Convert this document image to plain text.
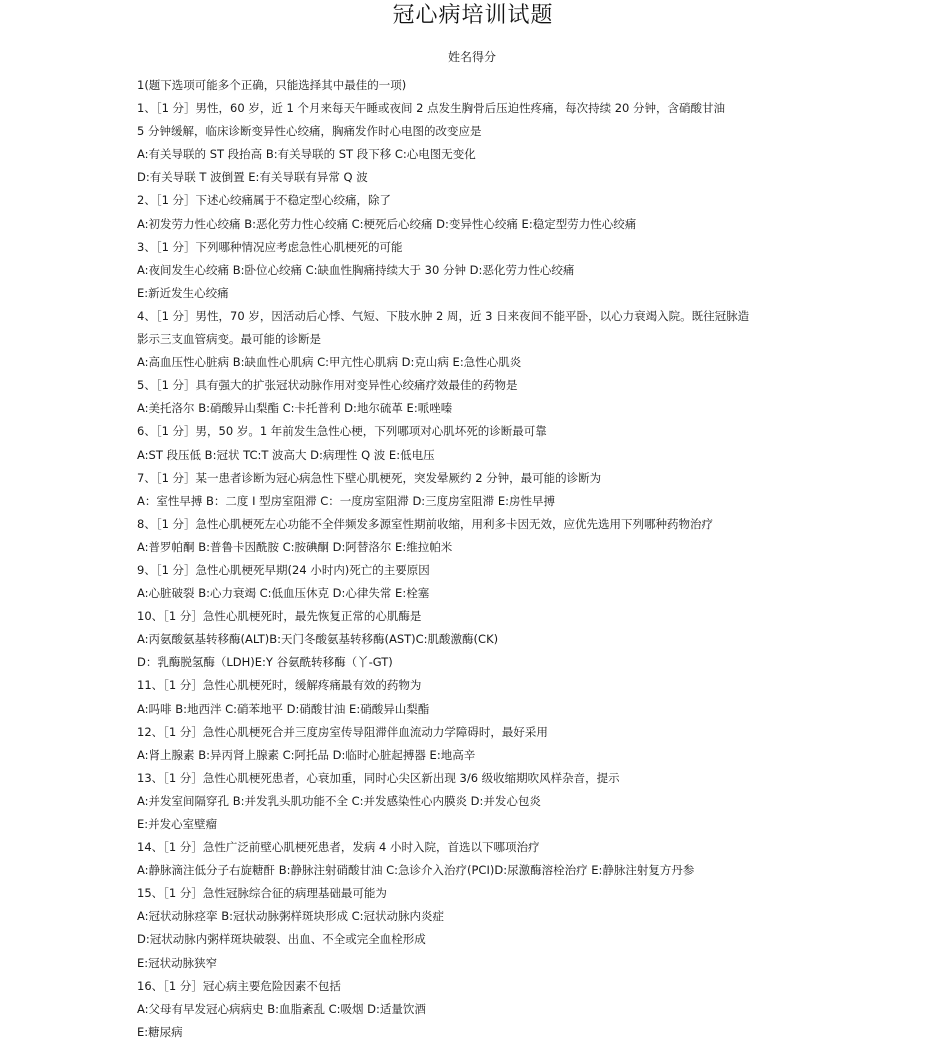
冠心病培训试题
姓名得分
1(题下选项可能多个正确，只能选择其中最佳的一项)
1、［1 分］男性，60 岁，近 1 个月来每天午睡或夜间 2 点发生胸骨后压迫性疼痛，每次持续 20 分钟，含硝酸甘油
5 分钟缓解，临床诊断变异性心绞痛，胸痛发作时心电图的改变应是
A:有关导联的 ST 段抬高 B:有关导联的 ST 段下移 C:心电图无变化
D:有关导联 T 波倒置 E:有关导联有异常 Q 波
2、［1 分］下述心绞痛属于不稳定型心绞痛，除了
A:初发劳力性心绞痛 B:恶化劳力性心绞痛 C:梗死后心绞痛 D:变异性心绞痛 E:稳定型劳力性心绞痛
3、［1 分］下列哪种情况应考虑急性心肌梗死的可能
A:夜间发生心绞痛 B:卧位心绞痛 C:缺血性胸痛持续大于 30 分钟 D:恶化劳力性心绞痛
E:新近发生心绞痛
4、［1 分］男性，70 岁，因活动后心悸、气短、下肢水肿 2 周，近 3 日来夜间不能平卧，以心力衰竭入院。既往冠脉造
影示三支血管病变。最可能的诊断是
A:高血压性心脏病 B:缺血性心肌病 C:甲亢性心肌病 D:克山病 E:急性心肌炎
5、［1 分］具有强大的扩张冠状动脉作用对变异性心绞痛疗效最佳的药物是
A:美托洛尔 B:硝酸异山梨酯 C:卡托普利 D:地尔硫革 E:哌唑嗪
6、［1 分］男，50 岁。1 年前发生急性心梗，下列哪项对心肌坏死的诊断最可靠
A:ST 段压低 B:冠状 TC:T 波高大 D:病理性 Q 波 E:低电压
7、［1 分］某一患者诊断为冠心病急性下壁心肌梗死，突发晕厥约 2 分钟，最可能的诊断为
A：室性早搏 B：二度 I 型房室阻滞 C：一度房室阻滞 D:三度房室阻滞 E:房性早搏
8、［1 分］急性心肌梗死左心功能不全伴频发多源室性期前收缩，用利多卡因无效，应优先选用下列哪种药物治疗
A:普罗帕酮 B:普鲁卡因酰胺 C:胺碘酮 D:阿替洛尔 E:维拉帕米
9、［1 分］急性心肌梗死早期(24 小时内)死亡的主要原因
A:心脏破裂 B:心力衰竭 C:低血压休克 D:心律失常 E:栓塞
10、［1 分］急性心肌梗死时，最先恢复正常的心肌酶是
A:丙氨酸氨基转移酶(ALT)B:天门冬酸氨基转移酶(AST)C:肌酸激酶(CK)
D：乳酶脱氢酶（LDH)E:Y 谷氨酰转移酶（丫-GT)
11、［1 分］急性心肌梗死时，缓解疼痛最有效的药物为
A:吗啡 B:地西泮 C:硝苯地平 D:硝酸甘油 E:硝酸异山梨酯
12、［1 分］急性心肌梗死合并三度房室传导阻滞伴血流动力学障碍时，最好采用
A:肾上腺素 B:异丙肾上腺素 C:阿托品 D:临时心脏起搏器 E:地高辛
13、［1 分］急性心肌梗死患者，心衰加重，同时心尖区新出现 3/6 级收缩期吹风样杂音，提示
A:并发室间隔穿孔 B:并发乳头肌功能不全 C:并发感染性心内膜炎 D:并发心包炎
E:并发心室壁瘤
14、［1 分］急性广泛前壁心肌梗死患者，发病 4 小时入院，首选以下哪项治疗
A:静脉滴注低分子右旋糖酐 B:静脉注射硝酸甘油 C:急诊介入治疗(PCI)D:尿激酶溶栓治疗 E:静脉注射复方丹参
15、［1 分］急性冠脉综合征的病理基础最可能为
A:冠状动脉痉挛 B:冠状动脉粥样斑块形成 C:冠状动脉内炎症
D:冠状动脉内粥样斑块破裂、出血、不全或完全血栓形成
E:冠状动脉狭窄
16、［1 分］冠心病主要危险因素不包括
A:父母有早发冠心病病史 B:血脂紊乱 C:吸烟 D:适量饮酒
E:糖尿病
